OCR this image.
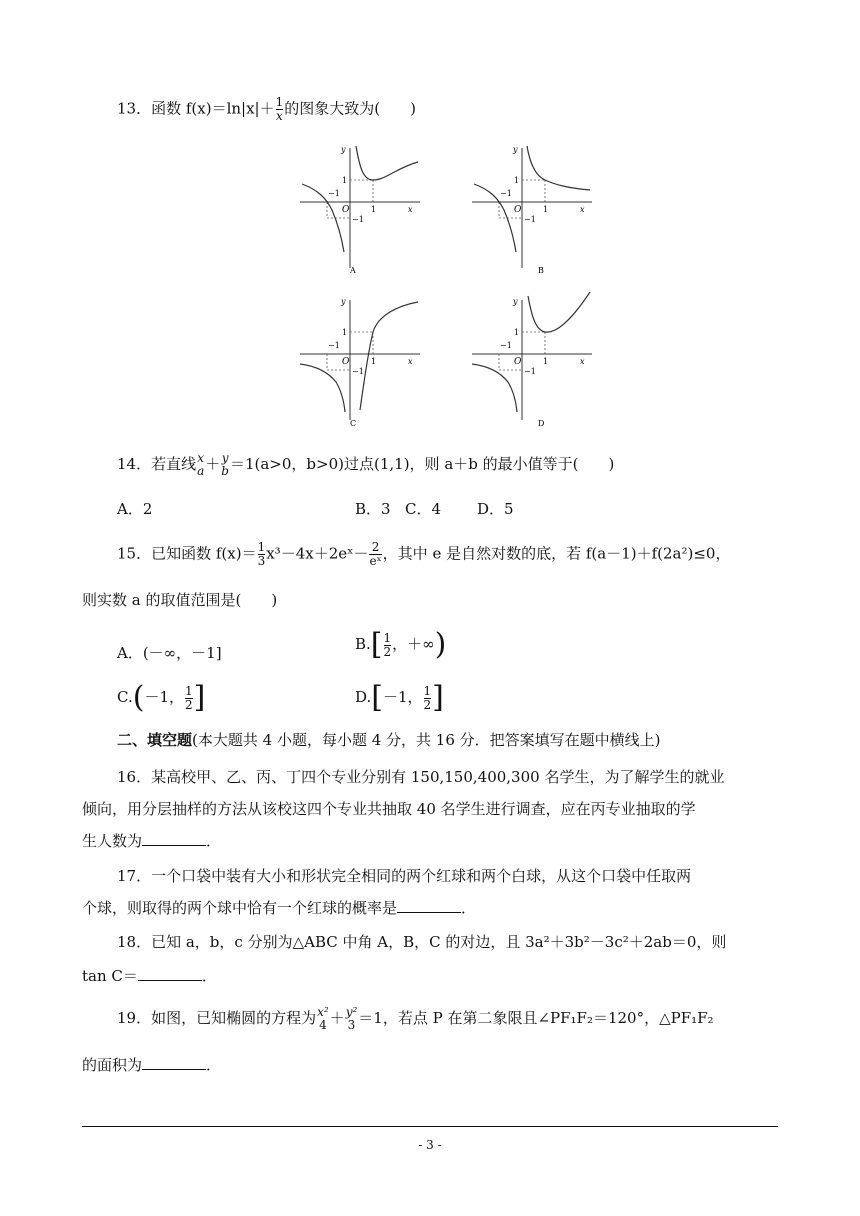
13．函数 $f(x)=\ln|x|+ \frac{1}{x}$ 的图象大致为(　　)
y
x
O
1
1
−1
−1
A
y
x
O
1
1
−1
−1
B
y
x
O
1
1
−1
−1
C
y
x
O
1
1
−1
−1
D
14．若直线 x
a ＋ y
b ＝1(a>0，b>0)过点(1,1)，则 a＋b 的最小值等于(　　)
A．2	B．3 C．4 D．5
15．已知函数 $f(x)= \frac{1}{3}$ x³－4x＋2eˣ－ $\frac{2}{\text{eˣ}}$ ，其中 e 是自然对数的底，若 f(a－1)＋f(2a²)≤0，
则实数 a 的取值范围是(　　)
A．(－∞，－1]	$B.[ \frac{1}{2}$ ，＋∞)
C.(－1， $\frac{1}{2}$ ]	D.[－1， $\frac{1}{2}$ ]
二、填空题(本大题共 4 小题，每小题 4 分，共 16 分．把答案填写在题中横线上)
16．某高校甲、乙、丙、丁四个专业分别有 150,150,400,300 名学生，为了解学生的就业
倾向，用分层抽样的方法从该校这四个专业共抽取 40 名学生进行调查，应在丙专业抽取的学
生人数为	．
17．一个口袋中装有大小和形状完全相同的两个红球和两个白球，从这个口袋中任取两
个球，则取得的两个球中恰有一个红球的概率是	．
18．已知 a，b，c 分别为△ABC 中角 A，B，C 的对边，且 3a²＋3b²－3c²＋2ab＝0，则
tan C＝	．
19．如图，已知椭圆的方程为 x²
4 ＋ y²
3 ＝1，若点 P 在第二象限且∠PF₁F₂＝120°，△PF₁F₂
的面积为	．
- 3 -
